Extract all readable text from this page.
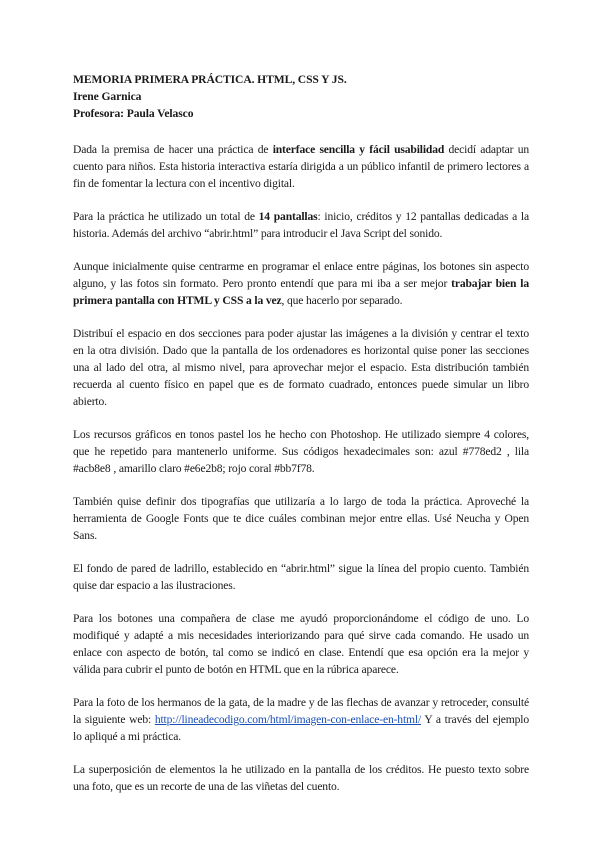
MEMORIA PRIMERA PRÁCTICA. HTML, CSS Y JS.

Irene Garnica

Profesora: Paula Velasco

Dada la premisa de hacer una práctica de interface sencilla y fácil usabilidad decidí adaptar un cuento para niños. Esta historia interactiva estaría dirigida a un público infantil de primero lectores a fin de fomentar la lectura con el incentivo digital.

Para la práctica he utilizado un total de 14 pantallas: inicio, créditos y 12 pantallas dedicadas a la historia. Además del archivo “abrir.html” para introducir el Java Script del sonido.

Aunque inicialmente quise centrarme en programar el enlace entre páginas, los botones sin aspecto alguno, y las fotos sin formato. Pero pronto entendí que para mi iba a ser mejor trabajar bien la primera pantalla con HTML y CSS a la vez, que hacerlo por separado.

Distribuí el espacio en dos secciones para poder ajustar las imágenes a la división y centrar el texto en la otra división. Dado que la pantalla de los ordenadores es horizontal quise poner las secciones una al lado del otra, al mismo nivel, para aprovechar mejor el espacio. Esta distribución también recuerda al cuento físico en papel que es de formato cuadrado, entonces puede simular un libro abierto.

Los recursos gráficos en tonos pastel los he hecho con Photoshop. He utilizado siempre 4 colores, que he repetido para mantenerlo uniforme. Sus códigos hexadecimales son: azul #778ed2 , lila #acb8e8 , amarillo claro #e6e2b8; rojo coral #bb7f78.

También quise definir dos tipografías que utilizaría a lo largo de toda la práctica. Aproveché la herramienta de Google Fonts que te dice cuáles combinan mejor entre ellas. Usé Neucha y Open Sans.

El fondo de pared de ladrillo, establecido en “abrir.html” sigue la línea del propio cuento. También quise dar espacio a las ilustraciones.

Para los botones una compañera de clase me ayudó proporcionándome el código de uno. Lo modifiqué y adapté a mis necesidades interiorizando para qué sirve cada comando. He usado un enlace con aspecto de botón, tal como se indicó en clase. Entendí que esa opción era la mejor y válida para cubrir el punto de botón en HTML que en la rúbrica aparece.

Para la foto de los hermanos de la gata, de la madre y de las flechas de avanzar y retroceder, consulté la siguiente web: http://lineadecodigo.com/html/imagen-con-enlace-en-html/ Y a través del ejemplo lo apliqué a mi práctica.

La superposición de elementos la he utilizado en la pantalla de los créditos. He puesto texto sobre una foto, que es un recorte de una de las viñetas del cuento.
